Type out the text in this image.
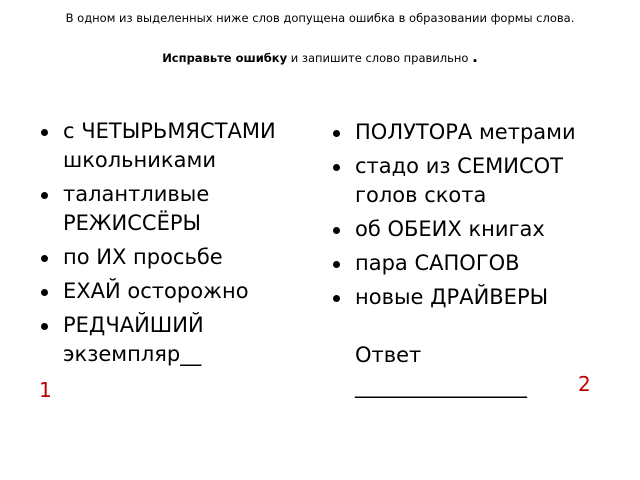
В одном из выделенных ниже слов допущена ошибка в образовании формы слова.
Исправьте ошибку и запишите слово правильно .
с ЧЕТЫРЬМЯСТАМИ школьниками
талантливые РЕЖИССЁРЫ
по ИХ просьбе
ЕХАЙ осторожно
РЕДЧАЙШИЙ экземпляр__
ПОЛУТОРА метрами
стадо из СЕМИСОТ голов скота
об ОБЕИХ книгах
пара САПОГОВ
новые ДРАЙВЕРЫ
1
Ответ
__________________	2
